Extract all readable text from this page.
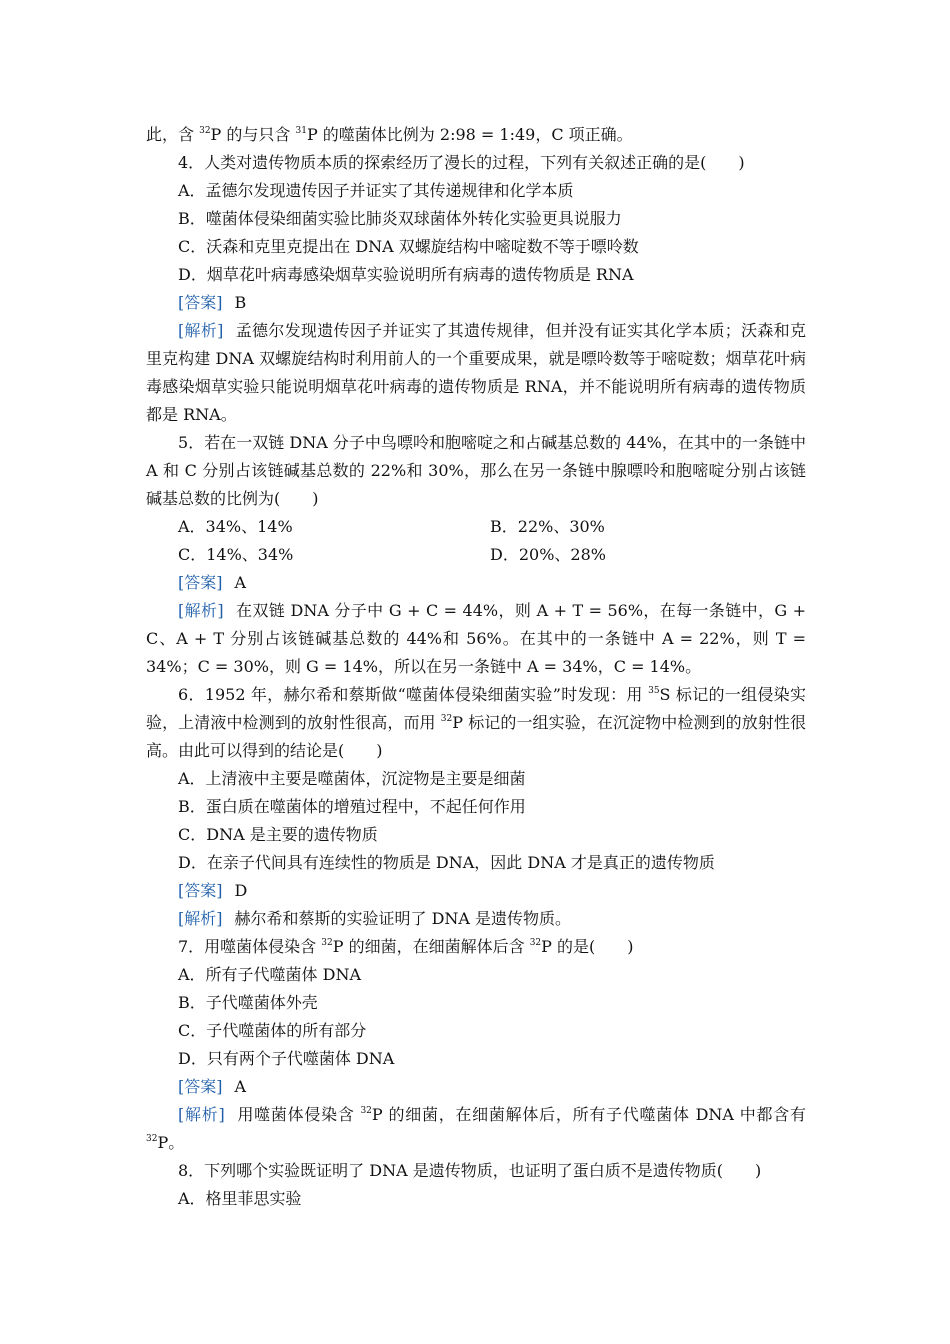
此，含 $^{32}$P 的与只含 $^{31}$P 的噬菌体比例为 2:98 = 1:49，C 项正确。

4．人类对遗传物质本质的探索经历了漫长的过程，下列有关叙述正确的是(　　)

A．孟德尔发现遗传因子并证实了其传递规律和化学本质

B．噬菌体侵染细菌实验比肺炎双球菌体外转化实验更具说服力

C．沃森和克里克提出在 DNA 双螺旋结构中嘧啶数不等于嘌呤数

D．烟草花叶病毒感染烟草实验说明所有病毒的遗传物质是 RNA

[答案] B

[解析] 孟德尔发现遗传因子并证实了其遗传规律，但并没有证实其化学本质；沃森和克里克构建 DNA 双螺旋结构时利用前人的一个重要成果，就是嘌呤数等于嘧啶数；烟草花叶病毒感染烟草实验只能说明烟草花叶病毒的遗传物质是 RNA，并不能说明所有病毒的遗传物质都是 RNA。

5．若在一双链 DNA 分子中鸟嘌呤和胞嘧啶之和占碱基总数的 44%，在其中的一条链中 A 和 C 分别占该链碱基总数的 22%和 30%，那么在另一条链中腺嘌呤和胞嘧啶分别占该链碱基总数的比例为(　　)

A．34%、14%	B．22%、30%
C．14%、34%	D．20%、28%

[答案] A

[解析] 在双链 DNA 分子中 G + C = 44%，则 A + T = 56%，在每一条链中，G + C、A + T 分别占该链碱基总数的 44%和 56%。在其中的一条链中 A = 22%，则 T = 34%；C = 30%，则 G = 14%，所以在另一条链中 A = 34%，C = 14%。

6．1952 年，赫尔希和蔡斯做“噬菌体侵染细菌实验”时发现：用 $^{35}$S 标记的一组侵染实验，上清液中检测到的放射性很高，而用 $^{32}$P 标记的一组实验，在沉淀物中检测到的放射性很高。由此可以得到的结论是(　　)

A．上清液中主要是噬菌体，沉淀物是主要是细菌

B．蛋白质在噬菌体的增殖过程中，不起任何作用

C．DNA 是主要的遗传物质

D．在亲子代间具有连续性的物质是 DNA，因此 DNA 才是真正的遗传物质

[答案] D

[解析] 赫尔希和蔡斯的实验证明了 DNA 是遗传物质。

7．用噬菌体侵染含 $^{32}$P 的细菌，在细菌解体后含 $^{32}$P 的是(　　)

A．所有子代噬菌体 DNA

B．子代噬菌体外壳

C．子代噬菌体的所有部分

D．只有两个子代噬菌体 DNA

[答案] A

[解析] 用噬菌体侵染含 $^{32}$P 的细菌，在细菌解体后，所有子代噬菌体 DNA 中都含有 $^{32}$P。

8．下列哪个实验既证明了 DNA 是遗传物质，也证明了蛋白质不是遗传物质(　　)

A．格里菲思实验
